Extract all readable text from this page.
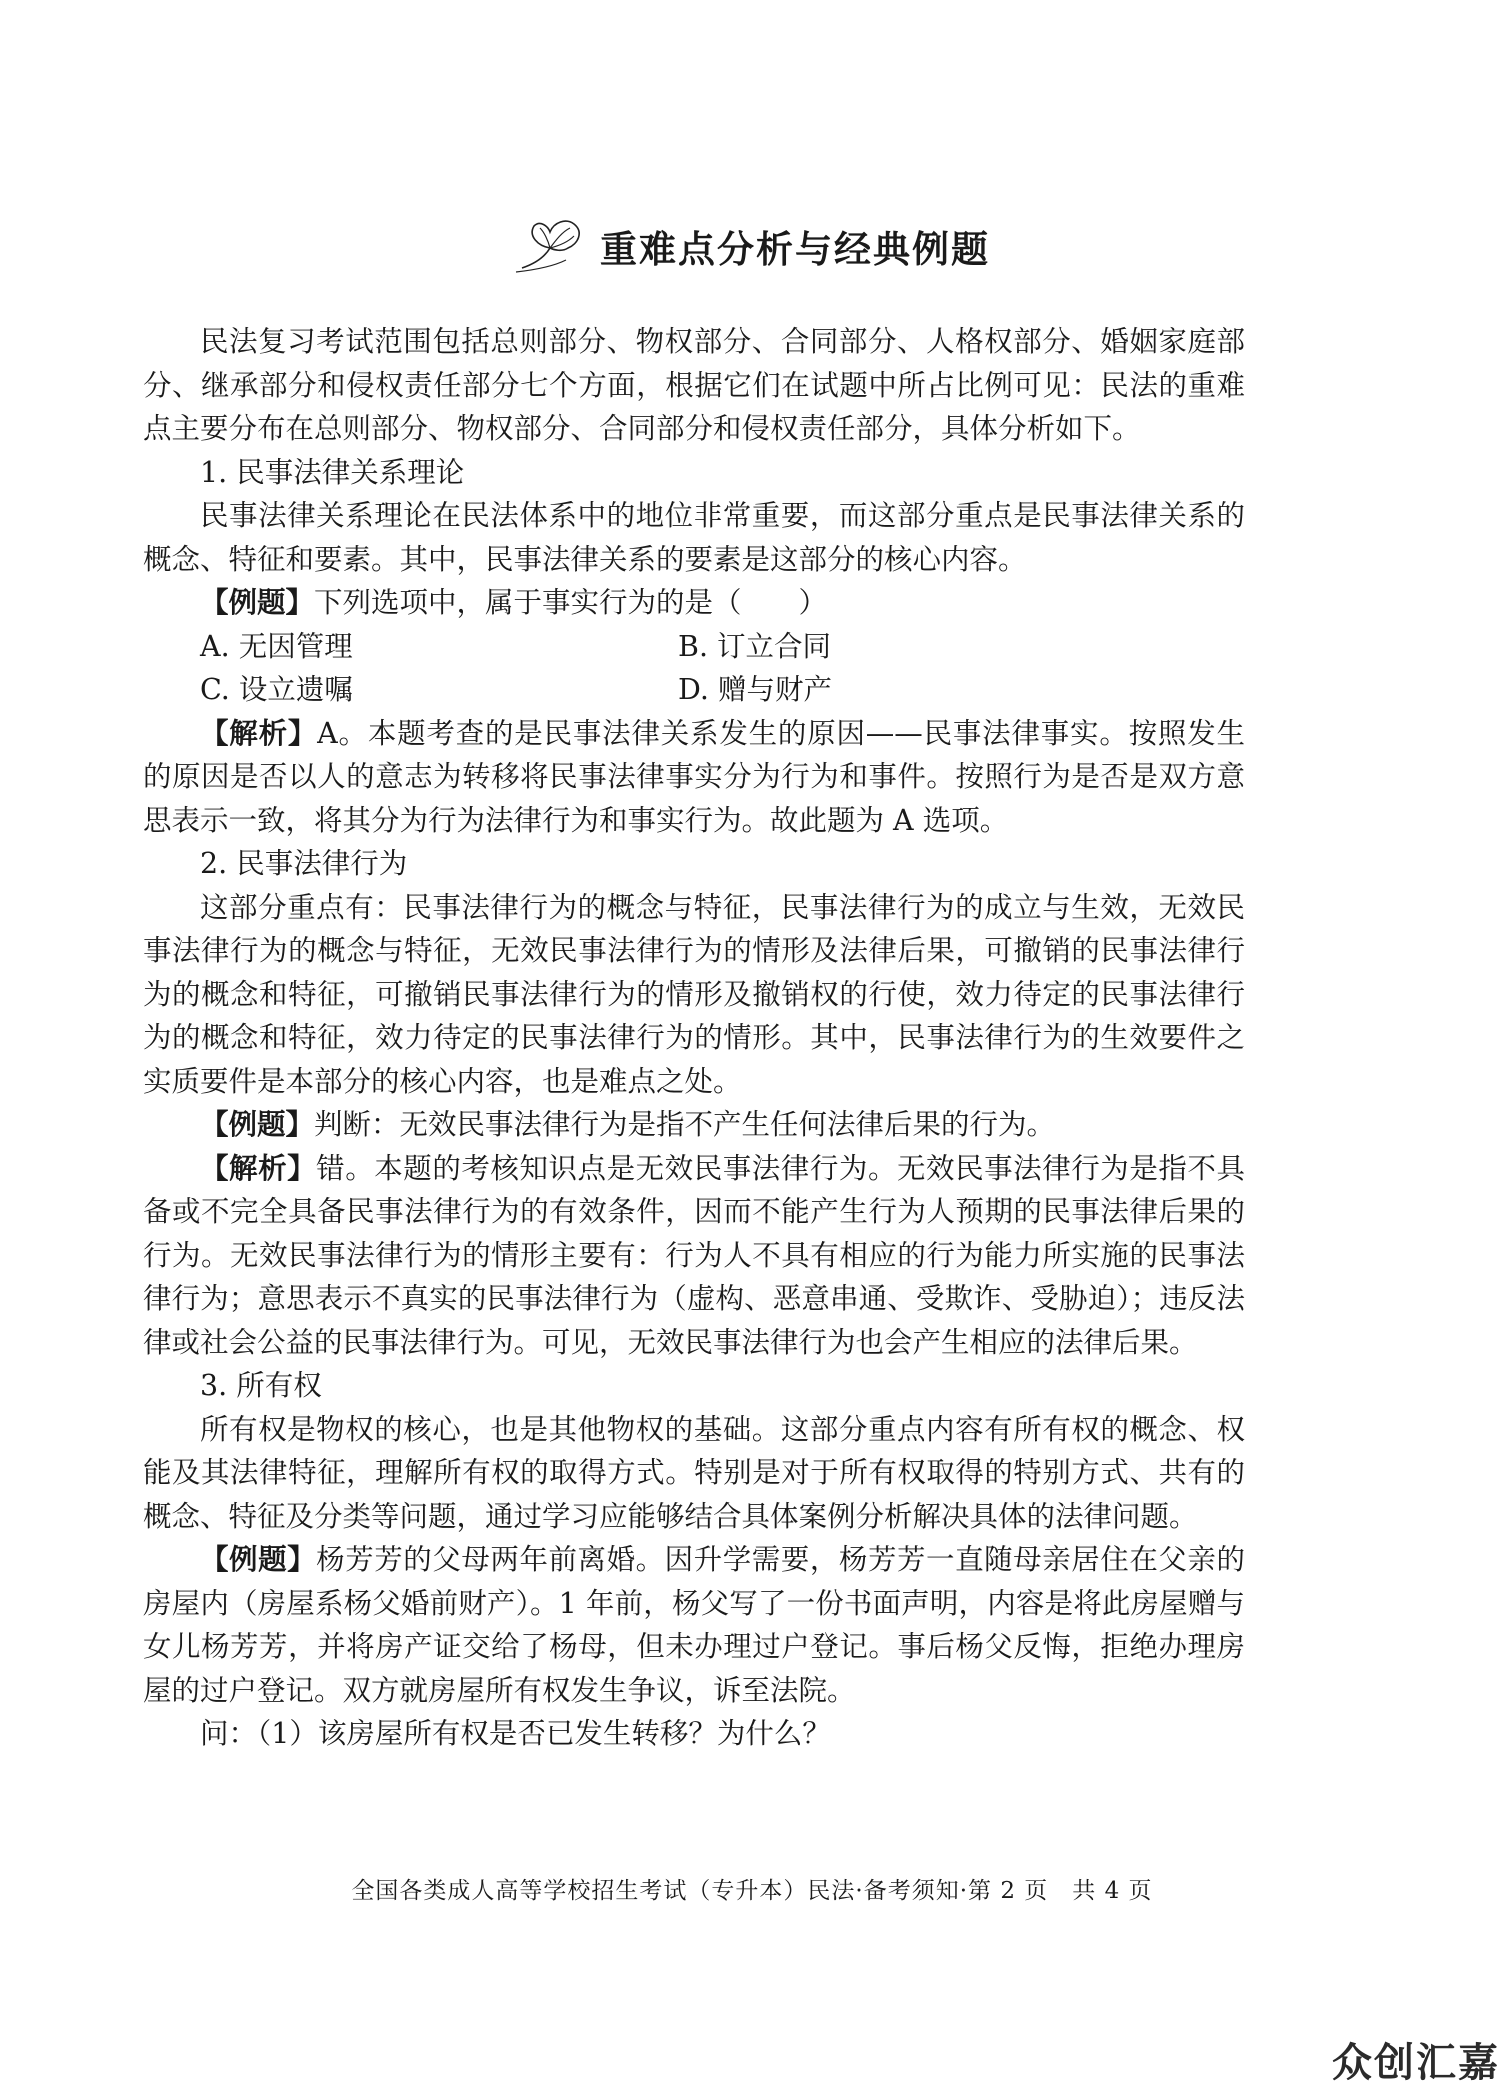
重难点分析与经典例题

民法复习考试范围包括总则部分、物权部分、合同部分、人格权部分、婚姻家庭部分、继承部分和侵权责任部分七个方面，根据它们在试题中所占比例可见：民法的重难点主要分布在总则部分、物权部分、合同部分和侵权责任部分，具体分析如下。

1. 民事法律关系理论

民事法律关系理论在民法体系中的地位非常重要，而这部分重点是民事法律关系的概念、特征和要素。其中，民事法律关系的要素是这部分的核心内容。

【例题】下列选项中，属于事实行为的是（　　）

A. 无因管理	B. 订立合同
C. 设立遗嘱	D. 赠与财产

【解析】A。本题考查的是民事法律关系发生的原因——民事法律事实。按照发生的原因是否以人的意志为转移将民事法律事实分为行为和事件。按照行为是否是双方意思表示一致，将其分为行为法律行为和事实行为。故此题为 A 选项。

2. 民事法律行为

这部分重点有：民事法律行为的概念与特征，民事法律行为的成立与生效，无效民事法律行为的概念与特征，无效民事法律行为的情形及法律后果，可撤销的民事法律行为的概念和特征，可撤销民事法律行为的情形及撤销权的行使，效力待定的民事法律行为的概念和特征，效力待定的民事法律行为的情形。其中，民事法律行为的生效要件之实质要件是本部分的核心内容，也是难点之处。

【例题】判断：无效民事法律行为是指不产生任何法律后果的行为。

【解析】错。本题的考核知识点是无效民事法律行为。无效民事法律行为是指不具备或不完全具备民事法律行为的有效条件，因而不能产生行为人预期的民事法律后果的行为。无效民事法律行为的情形主要有：行为人不具有相应的行为能力所实施的民事法律行为；意思表示不真实的民事法律行为（虚构、恶意串通、受欺诈、受胁迫）；违反法律或社会公益的民事法律行为。可见，无效民事法律行为也会产生相应的法律后果。

3. 所有权

所有权是物权的核心，也是其他物权的基础。这部分重点内容有所有权的概念、权能及其法律特征，理解所有权的取得方式。特别是对于所有权取得的特别方式、共有的概念、特征及分类等问题，通过学习应能够结合具体案例分析解决具体的法律问题。

【例题】杨芳芳的父母两年前离婚。因升学需要，杨芳芳一直随母亲居住在父亲的房屋内（房屋系杨父婚前财产）。1 年前，杨父写了一份书面声明，内容是将此房屋赠与女儿杨芳芳，并将房产证交给了杨母，但未办理过户登记。事后杨父反悔，拒绝办理房屋的过户登记。双方就房屋所有权发生争议，诉至法院。

问：（1）该房屋所有权是否已发生转移？为什么？

全国各类成人高等学校招生考试（专升本）民法·备考须知·第 2 页　共 4 页
众创汇嘉
